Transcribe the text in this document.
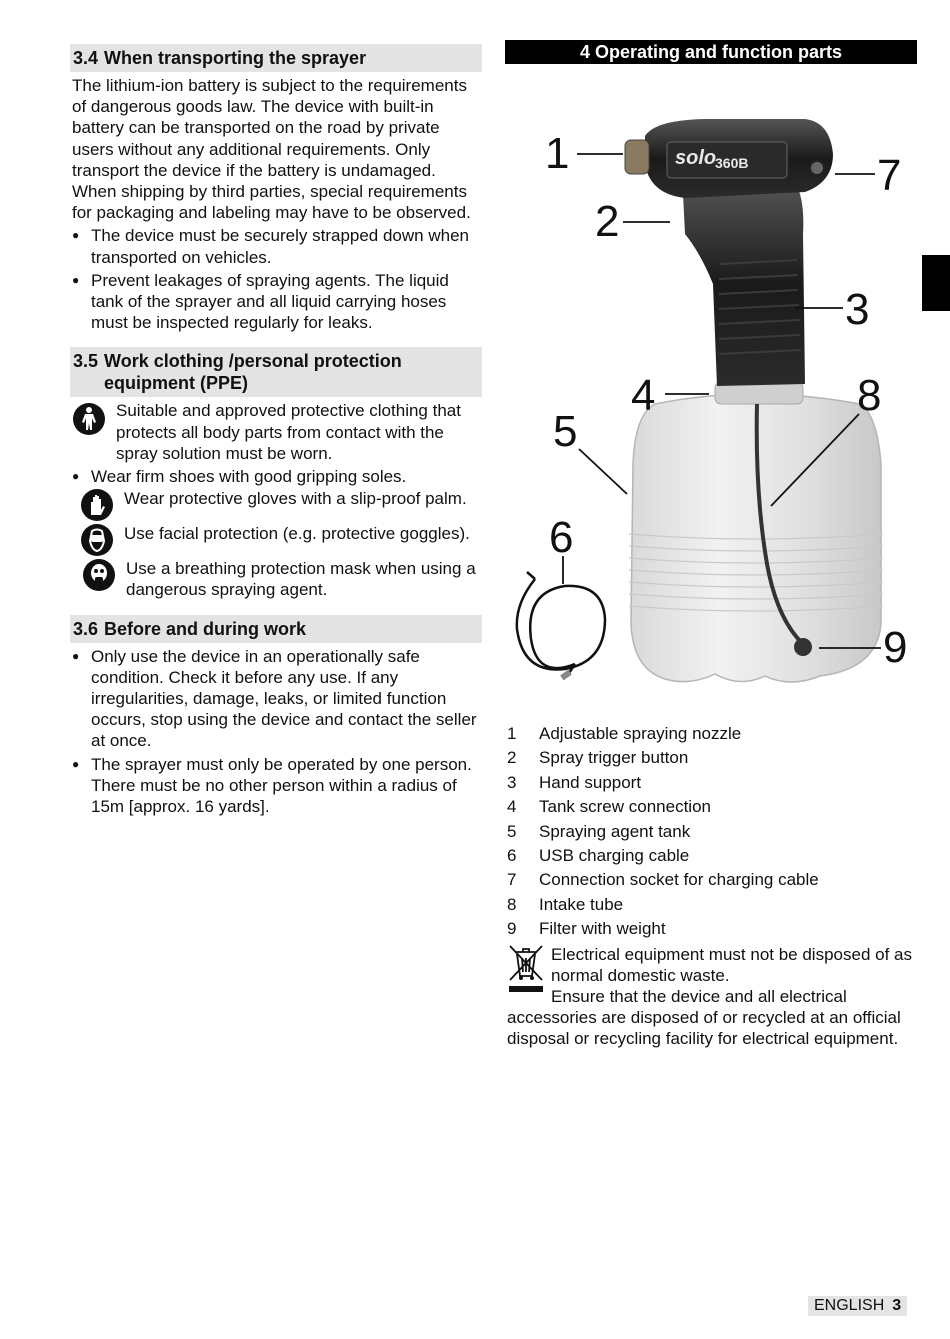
3.4 When transporting the sprayer
The lithium-ion battery is subject to the requirements of dangerous goods law. The device with built-in battery can be transported on the road by private users without any additional requirements. Only transport the device if the battery is undamaged. When shipping by third parties, special requirements for packaging and labeling may have to be observed.
● The device must be securely strapped down when transported on vehicles.
● Prevent leakages of spraying agents. The liquid tank of the sprayer and all liquid carrying hoses must be inspected regularly for leaks.
3.5 Work clothing /personal protection equipment (PPE)
Suitable and approved protective clothing that protects all body parts from contact with the spray solution must be worn.
● Wear firm shoes with good gripping soles.
Wear protective gloves with a slip-proof palm.
Use facial protection (e.g. protective goggles).
Use a breathing protection mask when using a dangerous spraying agent.
3.6 Before and during work
● Only use the device in an operationally safe condition. Check it before any use. If any irregularities, damage, leaks, or limited function occurs, stop using the device and contact the seller at once.
● The sprayer must only be operated by one person. There must be no other person within a radius of 15m [approx. 16 yards].
4 Operating and function parts
solo
360B
1
2
3
4
5
6
7
8
9
1	Adjustable spraying nozzle
2	Spray trigger button
3	Hand support
4	Tank screw connection
5	Spraying agent tank
6	USB charging cable
7	Connection socket for charging cable
8	Intake tube
9	Filter with weight
Electrical equipment must not be disposed of as normal domestic waste.
Ensure that the device and all electrical accessories are disposed of or recycled at an official disposal or recycling facility for electrical equipment.
ENGLISH 3
